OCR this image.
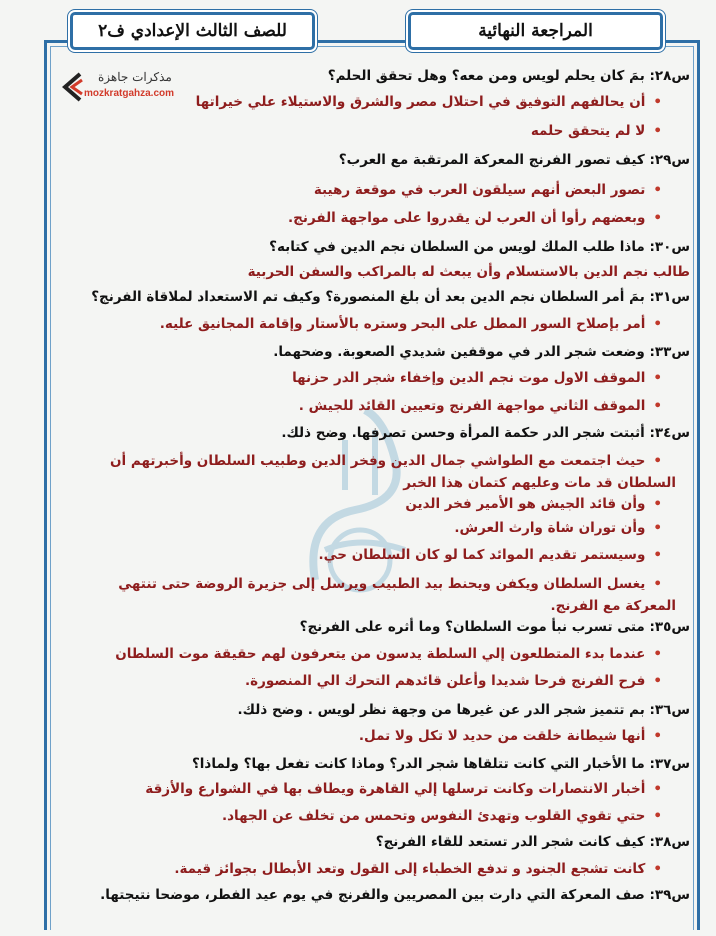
للصف الثالث الإعدادي ف٢	المراجعة النهائية
مذكرات جاهزة
mozkratgahza.com
س٢٨: بمَ كان يحلم لويس ومن معه؟ وهل تحقق الحلم؟
• أن يحالفهم التوفيق في احتلال مصر والشرق والاستيلاء علي خيراتها
• لا لم يتحقق حلمه
س٢٩: كيف تصور الفرنج المعركة المرتقبة مع العرب؟
• تصور البعض أنهم سيلقون العرب في موقعة رهيبة
• وبعضهم رأوا أن العرب لن يقدروا على مواجهة الفرنج.
س٣٠: ماذا طلب الملك لويس من السلطان نجم الدين في كتابه؟
طالب نجم الدين بالاستسلام وأن يبعث له بالمراكب والسفن الحربية
س٣١: بمَ أمر السلطان نجم الدين بعد أن بلغ المنصورة؟ وكيف تم الاستعداد لملاقاة الفرنج؟
• أمر بإصلاح السور المطل على البحر وستره بالأستار وإقامة المجانيق عليه.
س٣٣: وضعت شجر الدر في موقفين شديدي الصعوبة. وضحهما.
• الموقف الاول موت نجم الدين وإخفاء شجر الدر حزنها
• الموقف الثاني مواجهة الفرنج وتعيين القائد للجيش .
س٣٤: أثبتت شجر الدر حكمة المرأة وحسن تصرفها. وضح ذلك.
• حيث اجتمعت مع الطواشي جمال الدين وفخر الدين وطبيب السلطان وأخبرتهم أن السلطان قد مات وعليهم كتمان هذا الخبر
• وأن قائد الجيش هو الأمير فخر الدين
• وأن توران شاة وارث العرش.
• وسيستمر تقديم الموائد كما لو كان السلطان حي.
• يغسل السلطان ويكفن ويحنط بيد الطبيب ويرسل إلى جزيرة الروضة حتى تنتهي المعركة مع الفرنج.
س٣٥: متى تسرب نبأ موت السلطان؟ وما أثره على الفرنج؟
• عندما بدء المتطلعون إلي السلطة يدسون من يتعرفون لهم حقيقة موت السلطان
• فرح الفرنج فرحا شديدا وأعلن قائدهم التحرك الي المنصورة.
س٣٦: بم تتميز شجر الدر عن غيرها من وجهة نظر لويس . وضح ذلك.
• أنها شيطانة خلقت من حديد لا تكل ولا تمل.
س٣٧: ما الأخبار التي كانت تتلقاها شجر الدر؟ وماذا كانت تفعل بها؟ ولماذا؟
• أخبار الانتصارات وكانت ترسلها إلي القاهرة ويطاف بها في الشوارع والأزقة
• حتي تقوي القلوب وتهدئ النفوس وتحمس من تخلف عن الجهاد.
س٣٨: كيف كانت شجر الدر تستعد للقاء الفرنج؟
• كانت تشجع الجنود و تدفع الخطباء إلى القول وتعد الأبطال بجوائز قيمة.
س٣٩: صف المعركة التي دارت بين المصريين والفرنج في يوم عيد الفطر، موضحا نتيجتها.
